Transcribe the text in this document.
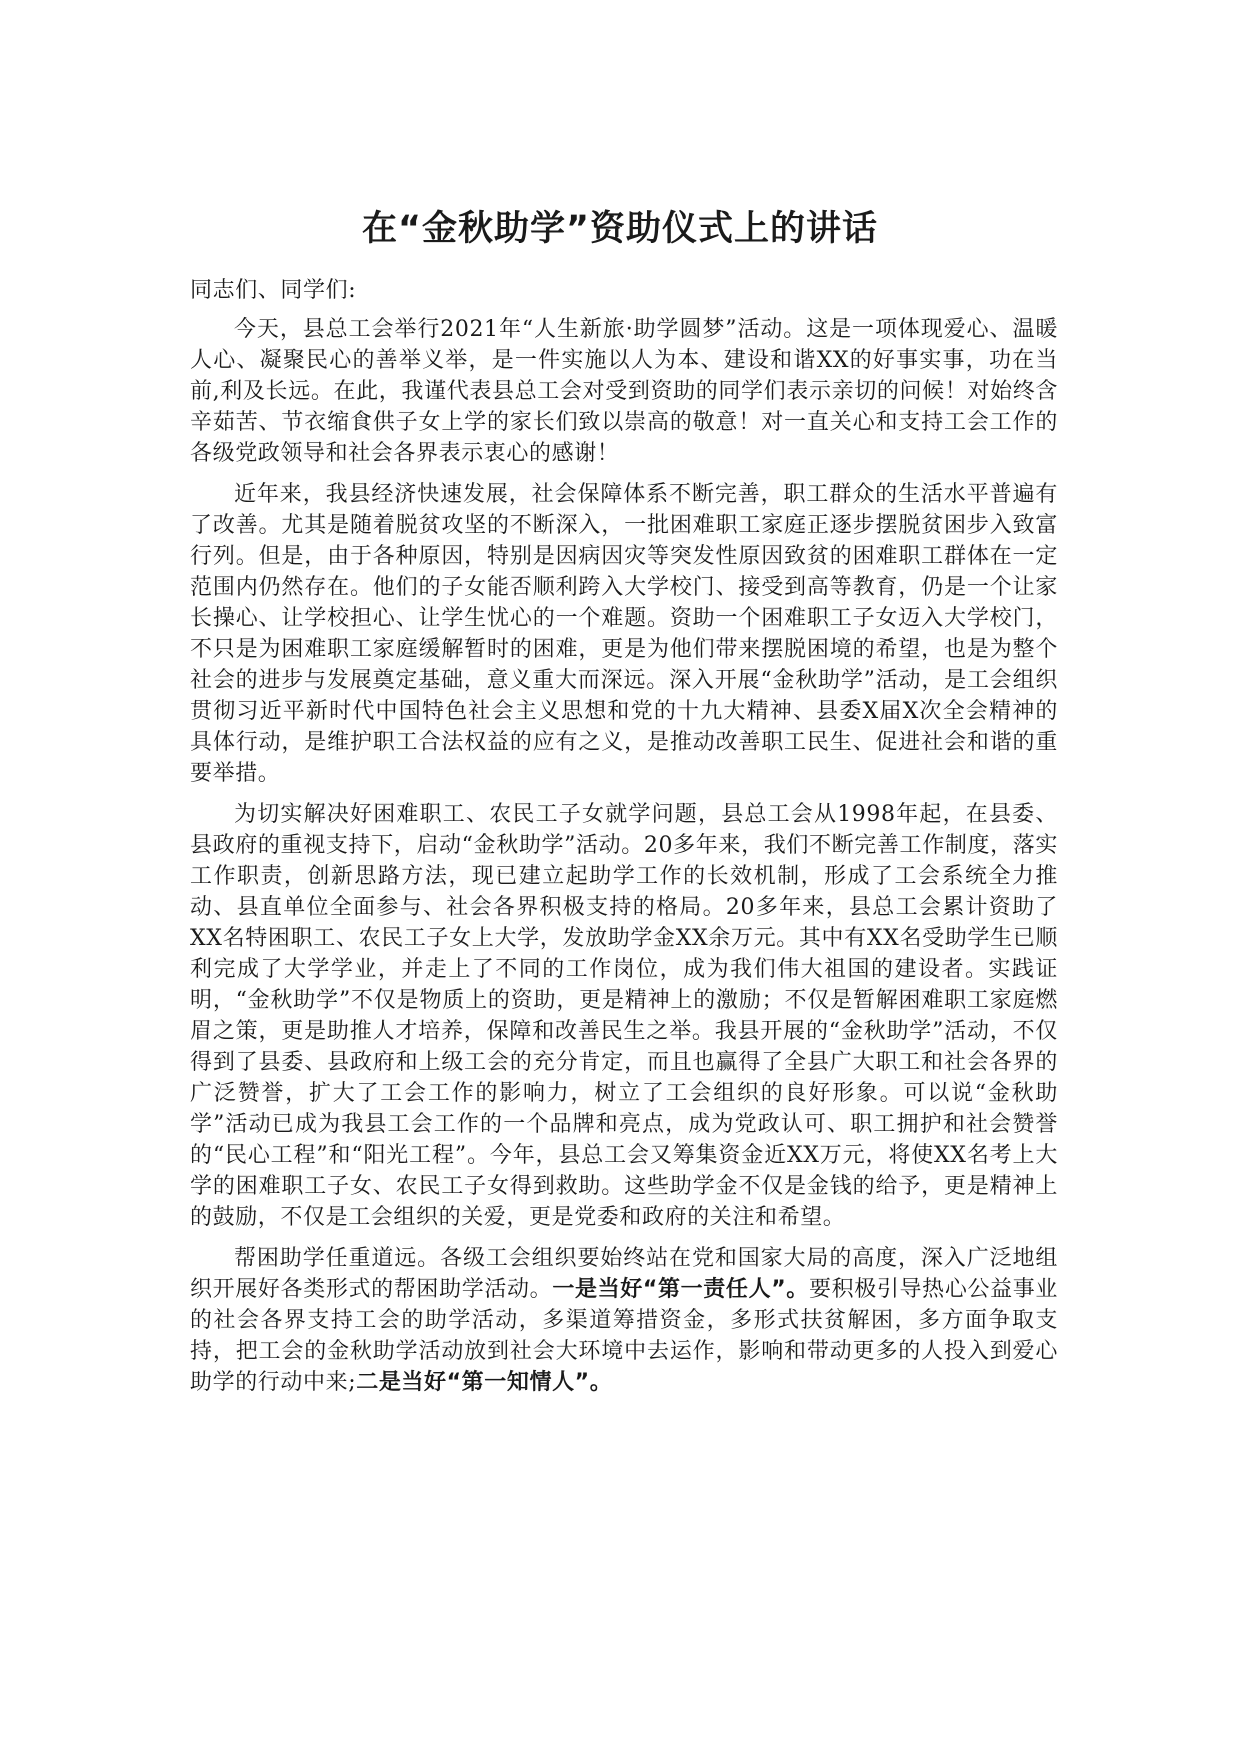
在“金秋助学”资助仪式上的讲话

同志们、同学们:

今天，县总工会举行2021年“人生新旅·助学圆梦”活动。这是一项体现爱心、温暖人心、凝聚民心的善举义举，是一件实施以人为本、建设和谐XX的好事实事，功在当前,利及长远。在此，我谨代表县总工会对受到资助的同学们表示亲切的问候！对始终含辛茹苦、节衣缩食供子女上学的家长们致以崇高的敬意！对一直关心和支持工会工作的各级党政领导和社会各界表示衷心的感谢！

近年来，我县经济快速发展，社会保障体系不断完善，职工群众的生活水平普遍有了改善。尤其是随着脱贫攻坚的不断深入，一批困难职工家庭正逐步摆脱贫困步入致富行列。但是，由于各种原因，特别是因病因灾等突发性原因致贫的困难职工群体在一定范围内仍然存在。他们的子女能否顺利跨入大学校门、接受到高等教育，仍是一个让家长操心、让学校担心、让学生忧心的一个难题。资助一个困难职工子女迈入大学校门，不只是为困难职工家庭缓解暂时的困难，更是为他们带来摆脱困境的希望，也是为整个社会的进步与发展奠定基础，意义重大而深远。深入开展“金秋助学”活动，是工会组织贯彻习近平新时代中国特色社会主义思想和党的十九大精神、县委X届X次全会精神的具体行动，是维护职工合法权益的应有之义，是推动改善职工民生、促进社会和谐的重要举措。

为切实解决好困难职工、农民工子女就学问题，县总工会从1998年起，在县委、县政府的重视支持下，启动“金秋助学”活动。20多年来，我们不断完善工作制度，落实工作职责，创新思路方法，现已建立起助学工作的长效机制，形成了工会系统全力推动、县直单位全面参与、社会各界积极支持的格局。20多年来，县总工会累计资助了XX名特困职工、农民工子女上大学，发放助学金XX余万元。其中有XX名受助学生已顺利完成了大学学业，并走上了不同的工作岗位，成为我们伟大祖国的建设者。实践证明，“金秋助学”不仅是物质上的资助，更是精神上的激励；不仅是暂解困难职工家庭燃眉之策，更是助推人才培养，保障和改善民生之举。我县开展的“金秋助学”活动，不仅得到了县委、县政府和上级工会的充分肯定，而且也赢得了全县广大职工和社会各界的广泛赞誉，扩大了工会工作的影响力，树立了工会组织的良好形象。可以说“金秋助学”活动已成为我县工会工作的一个品牌和亮点，成为党政认可、职工拥护和社会赞誉的“民心工程”和“阳光工程”。今年，县总工会又筹集资金近XX万元，将使XX名考上大学的困难职工子女、农民工子女得到救助。这些助学金不仅是金钱的给予，更是精神上的鼓励，不仅是工会组织的关爱，更是党委和政府的关注和希望。

帮困助学任重道远。各级工会组织要始终站在党和国家大局的高度，深入广泛地组织开展好各类形式的帮困助学活动。一是当好“第一责任人”。要积极引导热心公益事业的社会各界支持工会的助学活动，多渠道筹措资金，多形式扶贫解困，多方面争取支持，把工会的金秋助学活动放到社会大环境中去运作，影响和带动更多的人投入到爱心助学的行动中来;二是当好“第一知情人”。
